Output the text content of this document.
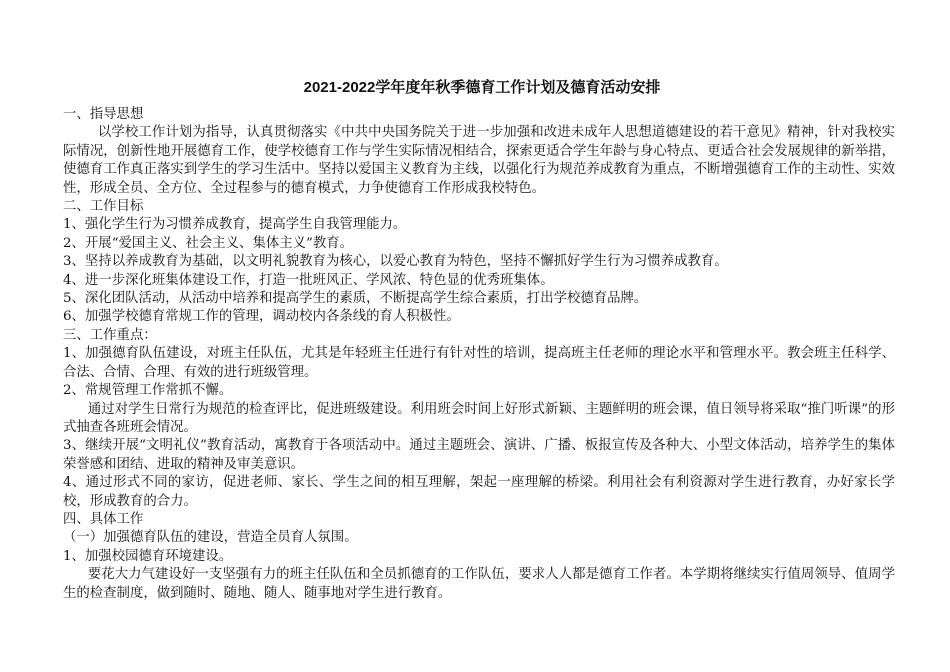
2021-2022学年度年秋季德育工作计划及德育活动安排

一、指导思想

以学校工作计划为指导，认真贯彻落实《中共中央国务院关于进一步加强和改进未成年人思想道德建设的若干意见》精神，针对我校实际情况，创新性地开展德育工作，使学校德育工作与学生实际情况相结合，探索更适合学生年龄与身心特点、更适合社会发展规律的新举措，使德育工作真正落实到学生的学习生活中。坚持以爱国主义教育为主线，以强化行为规范养成教育为重点，不断增强德育工作的主动性、实效性，形成全员、全方位、全过程参与的德育模式，力争使德育工作形成我校特色。

二、工作目标

1、强化学生行为习惯养成教育，提高学生自我管理能力。

2、开展“爱国主义、社会主义、集体主义”教育。

3、坚持以养成教育为基础，以文明礼貌教育为核心，以爱心教育为特色，坚持不懈抓好学生行为习惯养成教育。

4、进一步深化班集体建设工作，打造一批班风正、学风浓、特色显的优秀班集体。

5、深化团队活动，从活动中培养和提高学生的素质，不断提高学生综合素质，打出学校德育品牌。

6、加强学校德育常规工作的管理，调动校内各条线的育人积极性。

三、工作重点：

1、加强德育队伍建设，对班主任队伍，尤其是年轻班主任进行有针对性的培训，提高班主任老师的理论水平和管理水平。教会班主任科学、合法、合情、合理、有效的进行班级管理。

2、常规管理工作常抓不懈。

通过对学生日常行为规范的检查评比，促进班级建设。利用班会时间上好形式新颖、主题鲜明的班会课，值日领导将采取“推门听课”的形式抽查各班班会情况。

3、继续开展“文明礼仪”教育活动，寓教育于各项活动中。通过主题班会、演讲、广播、板报宣传及各种大、小型文体活动，培养学生的集体荣誉感和团结、进取的精神及审美意识。

4、通过形式不同的家访，促进老师、家长、学生之间的相互理解，架起一座理解的桥梁。利用社会有利资源对学生进行教育，办好家长学校，形成教育的合力。

四、具体工作

（一）加强德育队伍的建设，营造全员育人氛围。

1、加强校园德育环境建设。

要花大力气建设好一支坚强有力的班主任队伍和全员抓德育的工作队伍，要求人人都是德育工作者。本学期将继续实行值周领导、值周学生的检查制度，做到随时、随地、随人、随事地对学生进行教育。
